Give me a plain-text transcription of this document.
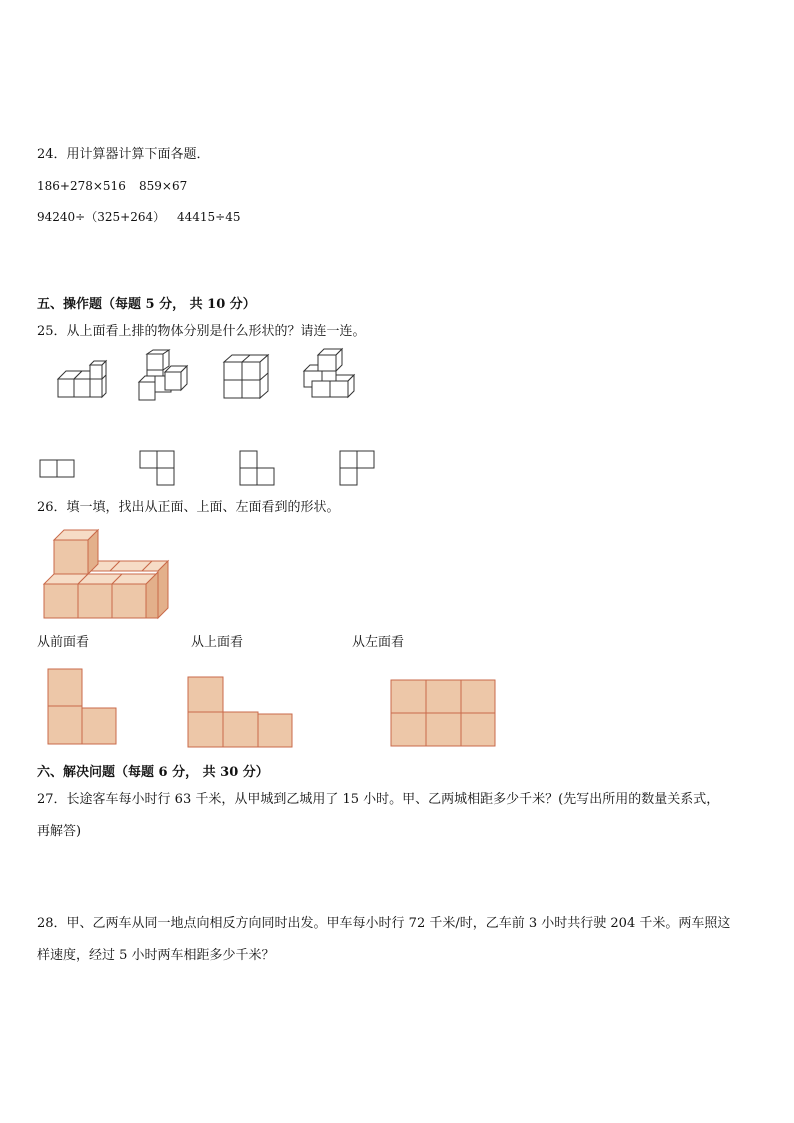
24．用计算器计算下面各题．
186+278×516 859×67
94240÷（325+264） 44415÷45
五、操作题（每题 5 分， 共 10 分）
25．从上面看上排的物体分别是什么形状的？请连一连。
26．填一填，找出从正面、上面、左面看到的形状。
从前面看	从上面看	从左面看
六、解决问题（每题 6 分， 共 30 分）
27．长途客车每小时行 63 千米，从甲城到乙城用了 15 小时。甲、乙两城相距多少千米？(先写出所用的数量关系式，
再解答)
28．甲、乙两车从同一地点向相反方向同时出发。甲车每小时行 72 千米/时，乙车前 3 小时共行驶 204 千米。两车照这
样速度，经过 5 小时两车相距多少千米？
